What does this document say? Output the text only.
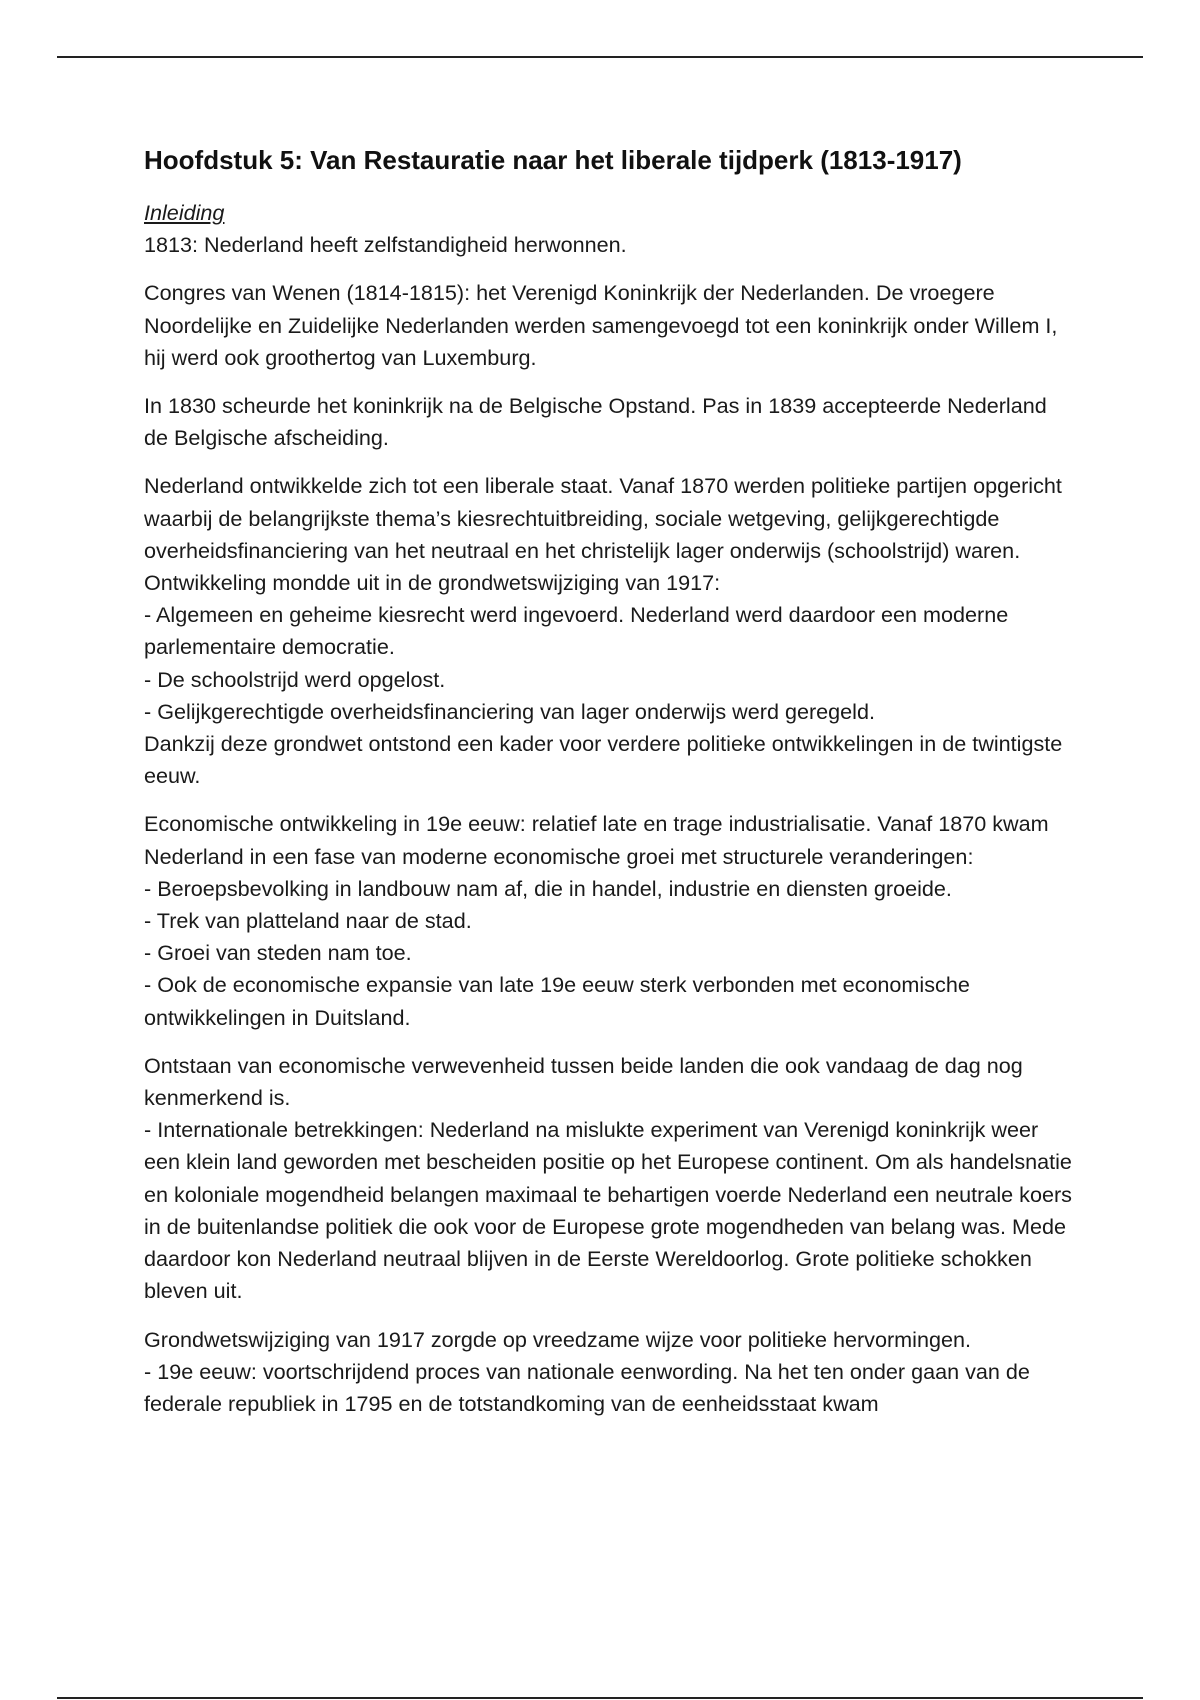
Hoofdstuk 5: Van Restauratie naar het liberale tijdperk (1813-1917)
Inleiding

1813: Nederland heeft zelfstandigheid herwonnen.

Congres van Wenen (1814-1815): het Verenigd Koninkrijk der Nederlanden. De vroegere Noordelijke en Zuidelijke Nederlanden werden samengevoegd tot een koninkrijk onder Willem I, hij werd ook groothertog van Luxemburg.

In 1830 scheurde het koninkrijk na de Belgische Opstand. Pas in 1839 accepteerde Nederland de Belgische afscheiding.

Nederland ontwikkelde zich tot een liberale staat. Vanaf 1870 werden politieke partijen opgericht waarbij de belangrijkste thema’s kiesrechtuitbreiding, sociale wetgeving, gelijkgerechtigde overheidsfinanciering van het neutraal en het christelijk lager onderwijs (schoolstrijd) waren. Ontwikkeling mondde uit in de grondwetswijziging van 1917:
- Algemeen en geheime kiesrecht werd ingevoerd. Nederland werd daardoor een moderne parlementaire democratie.
- De schoolstrijd werd opgelost.
- Gelijkgerechtigde overheidsfinanciering van lager onderwijs werd geregeld.
Dankzij deze grondwet ontstond een kader voor verdere politieke ontwikkelingen in de twintigste eeuw.

Economische ontwikkeling in 19e eeuw: relatief late en trage industrialisatie. Vanaf 1870 kwam Nederland in een fase van moderne economische groei met structurele veranderingen:
- Beroepsbevolking in landbouw nam af, die in handel, industrie en diensten groeide.
- Trek van platteland naar de stad.
- Groei van steden nam toe.
- Ook de economische expansie van late 19e eeuw sterk verbonden met economische ontwikkelingen in Duitsland.

Ontstaan van economische verwevenheid tussen beide landen die ook vandaag de dag nog kenmerkend is.
- Internationale betrekkingen: Nederland na mislukte experiment van Verenigd koninkrijk weer een klein land geworden met bescheiden positie op het Europese continent. Om als handelsnatie en koloniale mogendheid belangen maximaal te behartigen voerde Nederland een neutrale koers in de buitenlandse politiek die ook voor de Europese grote mogendheden van belang was. Mede daardoor kon Nederland neutraal blijven in de Eerste Wereldoorlog. Grote politieke schokken bleven uit.

Grondwetswijziging van 1917 zorgde op vreedzame wijze voor politieke hervormingen.
- 19e eeuw: voortschrijdend proces van nationale eenwording. Na het ten onder gaan van de federale republiek in 1795 en de totstandkoming van de eenheidsstaat kwam
